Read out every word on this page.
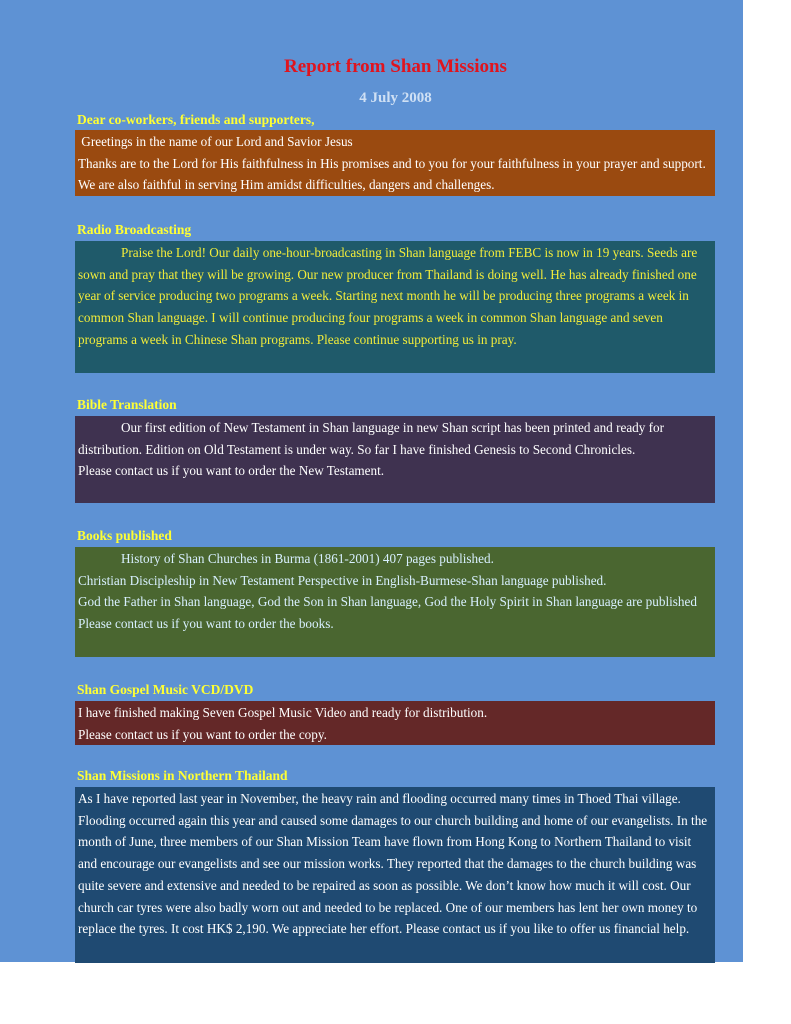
Report from Shan Missions
4 July 2008
Dear co-workers, friends and supporters,

Greetings in the name of our Lord and Savior Jesus

Thanks are to the Lord for His faithfulness in His promises and to you for your faithfulness in your prayer and support. We are also faithful in serving Him amidst difficulties, dangers and challenges.

Radio Broadcasting

Praise the Lord! Our daily one-hour-broadcasting in Shan language from FEBC is now in 19 years. Seeds are sown and pray that they will be growing. Our new producer from Thailand is doing well. He has already finished one year of service producing two programs a week. Starting next month he will be producing three programs a week in common Shan language. I will continue producing four programs a week in common Shan language and seven programs a week in Chinese Shan programs. Please continue supporting us in pray.

Bible Translation

Our first edition of New Testament in Shan language in new Shan script has been printed and ready for distribution. Edition on Old Testament is under way. So far I have finished Genesis to Second Chronicles.

Please contact us if you want to order the New Testament.

Books published

History of Shan Churches in Burma (1861-2001) 407 pages published.

Christian Discipleship in New Testament Perspective in English-Burmese-Shan language published.

God the Father in Shan language, God the Son in Shan language, God the Holy Spirit in Shan language are published

Please contact us if you want to order the books.

Shan Gospel Music VCD/DVD

I have finished making Seven Gospel Music Video and ready for distribution.

Please contact us if you want to order the copy.

Shan Missions in Northern Thailand

As I have reported last year in November, the heavy rain and flooding occurred many times in Thoed Thai village. Flooding occurred again this year and caused some damages to our church building and home of our evangelists. In the month of June, three members of our Shan Mission Team have flown from Hong Kong to Northern Thailand to visit and encourage our evangelists and see our mission works. They reported that the damages to the church building was quite severe and extensive and needed to be repaired as soon as possible. We don’t know how much it will cost. Our church car tyres were also badly worn out and needed to be replaced. One of our members has lent her own money to replace the tyres. It cost HK$ 2,190. We appreciate her effort. Please contact us if you like to offer us financial help.
